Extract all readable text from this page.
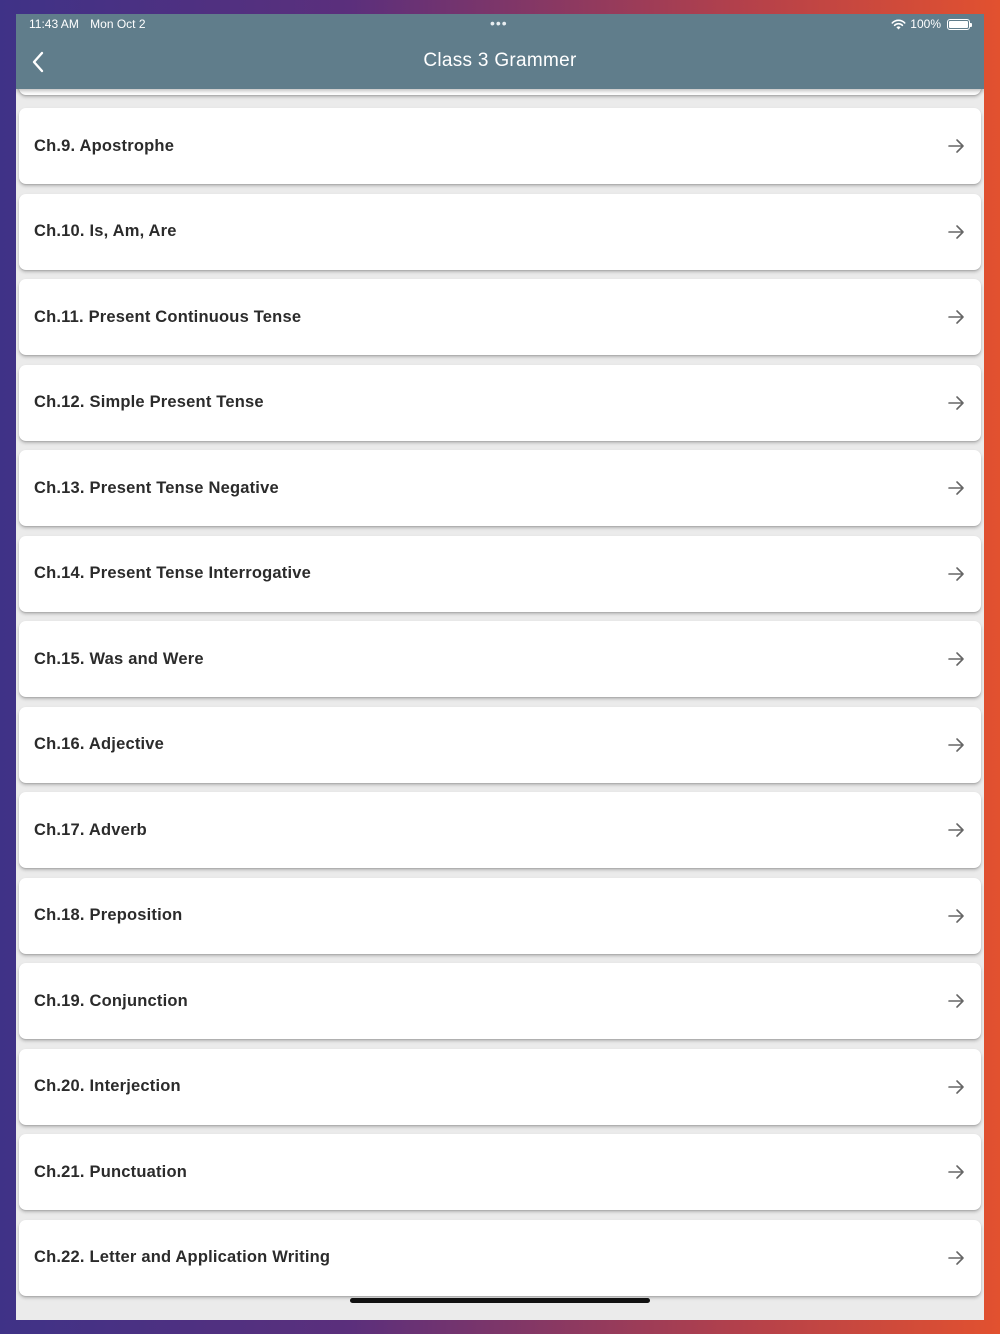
11:43 AM Mon Oct 2	•••	100%
Class 3 Grammer
Ch.9. Apostrophe
Ch.10. Is, Am, Are
Ch.11. Present Continuous Tense
Ch.12. Simple Present Tense
Ch.13. Present Tense Negative
Ch.14. Present Tense Interrogative
Ch.15. Was and Were
Ch.16. Adjective
Ch.17. Adverb
Ch.18. Preposition
Ch.19. Conjunction
Ch.20. Interjection
Ch.21. Punctuation
Ch.22. Letter and Application Writing
